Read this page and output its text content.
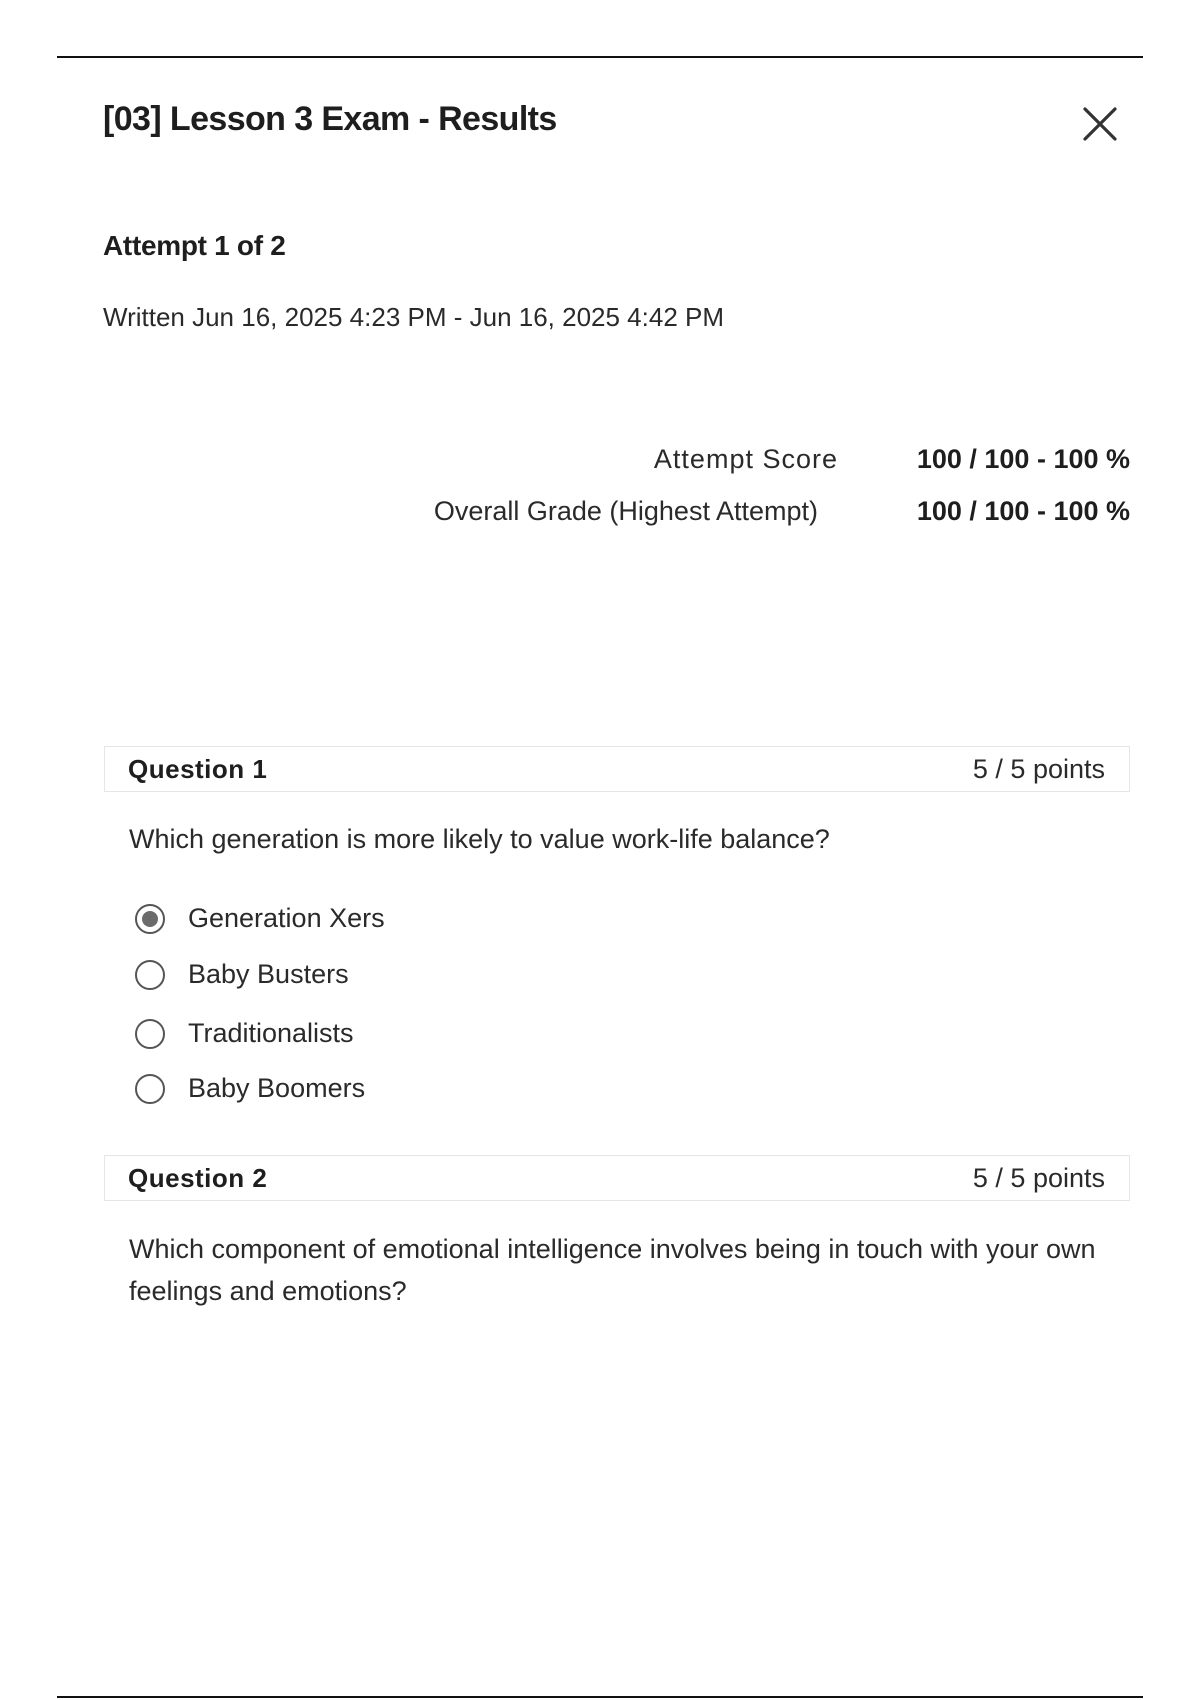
[03] Lesson 3 Exam - Results
Attempt 1 of 2
Written Jun 16, 2025 4:23 PM - Jun 16, 2025 4:42 PM
Attempt Score	100 / 100 - 100 %
Overall Grade (Highest Attempt)	100 / 100 - 100 %
Question 1	5 / 5 points

Which generation is more likely to value work-life balance?

Generation Xers
Baby Busters
Traditionalists
Baby Boomers
Question 2	5 / 5 points

Which component of emotional intelligence involves being in touch with your own feelings and emotions?
